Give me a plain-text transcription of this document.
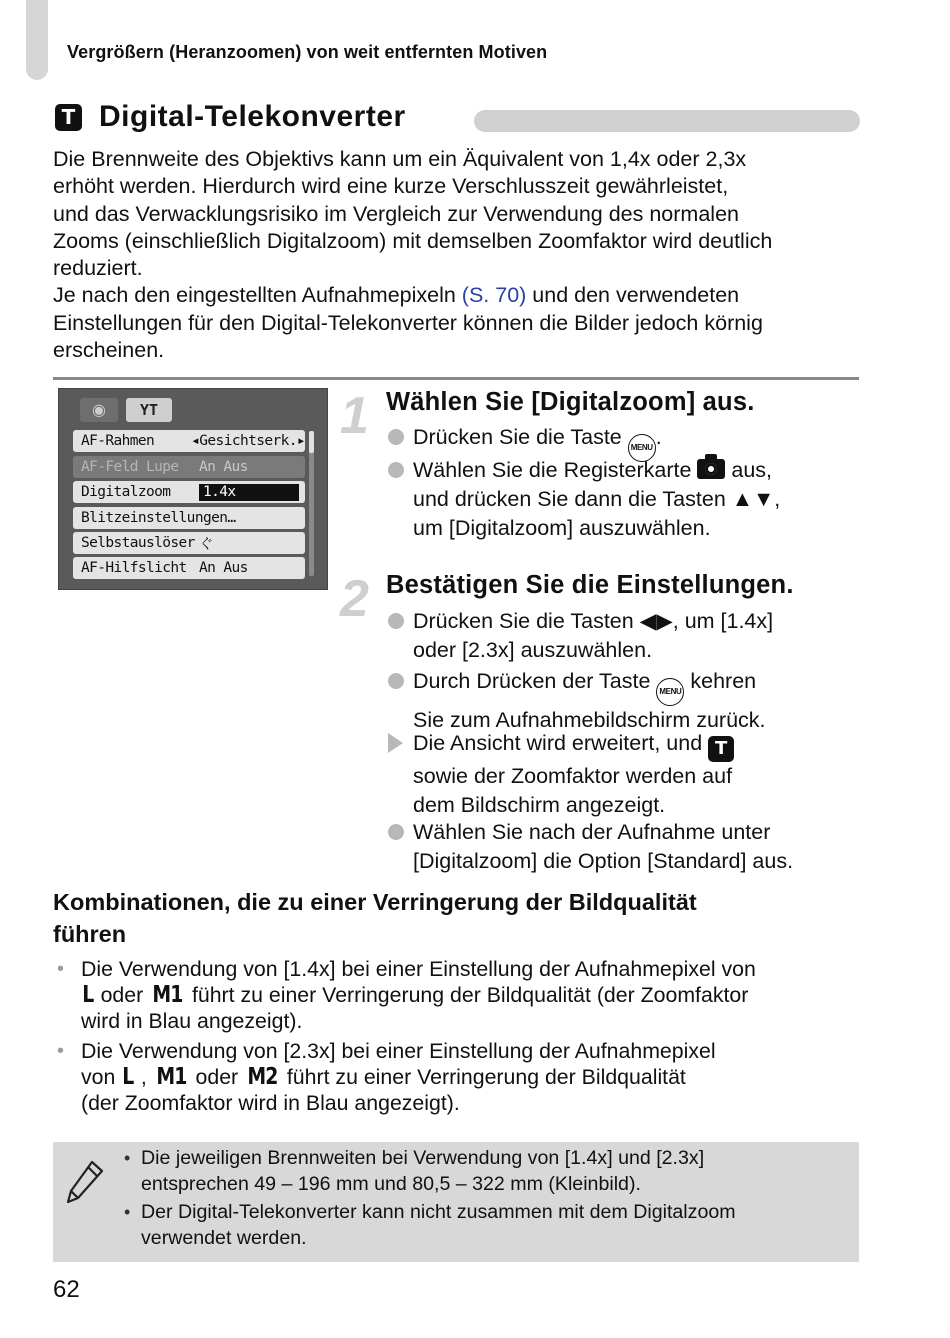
Vergrößern (Heranzoomen) von weit entfernten Motiven
T Digital-Telekonverter

Die Brennweite des Objektivs kann um ein Äquivalent von 1,4x oder 2,3x
erhöht werden. Hierdurch wird eine kurze Verschlusszeit gewährleistet,
und das Verwacklungsrisiko im Vergleich zur Verwendung des normalen
Zooms (einschließlich Digitalzoom) mit demselben Zoomfaktor wird deutlich
reduziert.

Je nach den eingestellten Aufnahmepixeln (S. 70) und den verwendeten
Einstellungen für den Digital-Telekonverter können die Bilder jedoch körnig
erscheinen.

◉	YT
AF-Rahmen	◂Gesichtserk.▸
AF-Feld Lupe	An Aus
Digitalzoom	1.4x
Blitzeinstellungen…
Selbstauslöser ぐ
AF-Hilfslicht An Aus
1 Wählen Sie [Digitalzoom] aus.
Drücken Sie die Taste MENU .
Wählen Sie die Registerkarte  aus,
und drücken Sie dann die Tasten ▲▼,
um [Digitalzoom] auszuwählen.
2 Bestätigen Sie die Einstellungen.
Drücken Sie die Tasten ◀▶, um [1.4x]
oder [2.3x] auszuwählen.
Durch Drücken der Taste MENU kehren
Sie zum Aufnahmebildschirm zurück.
Die Ansicht wird erweitert, und T
sowie der Zoomfaktor werden auf
dem Bildschirm angezeigt.
Wählen Sie nach der Aufnahme unter
[Digitalzoom] die Option [Standard] aus.
Kombinationen, die zu einer Verringerung der Bildqualität
führen
• Die Verwendung von [1.4x] bei einer Einstellung der Aufnahmepixel von
L oder M1 führt zu einer Verringerung der Bildqualität (der Zoomfaktor
wird in Blau angezeigt).
• Die Verwendung von [2.3x] bei einer Einstellung der Aufnahmepixel
von L , M1 oder M2 führt zu einer Verringerung der Bildqualität
(der Zoomfaktor wird in Blau angezeigt).
• Die jeweiligen Brennweiten bei Verwendung von [1.4x] und [2.3x]
entsprechen 49 – 196 mm und 80,5 – 322 mm (Kleinbild).
• Der Digital-Telekonverter kann nicht zusammen mit dem Digitalzoom
verwendet werden.
62
